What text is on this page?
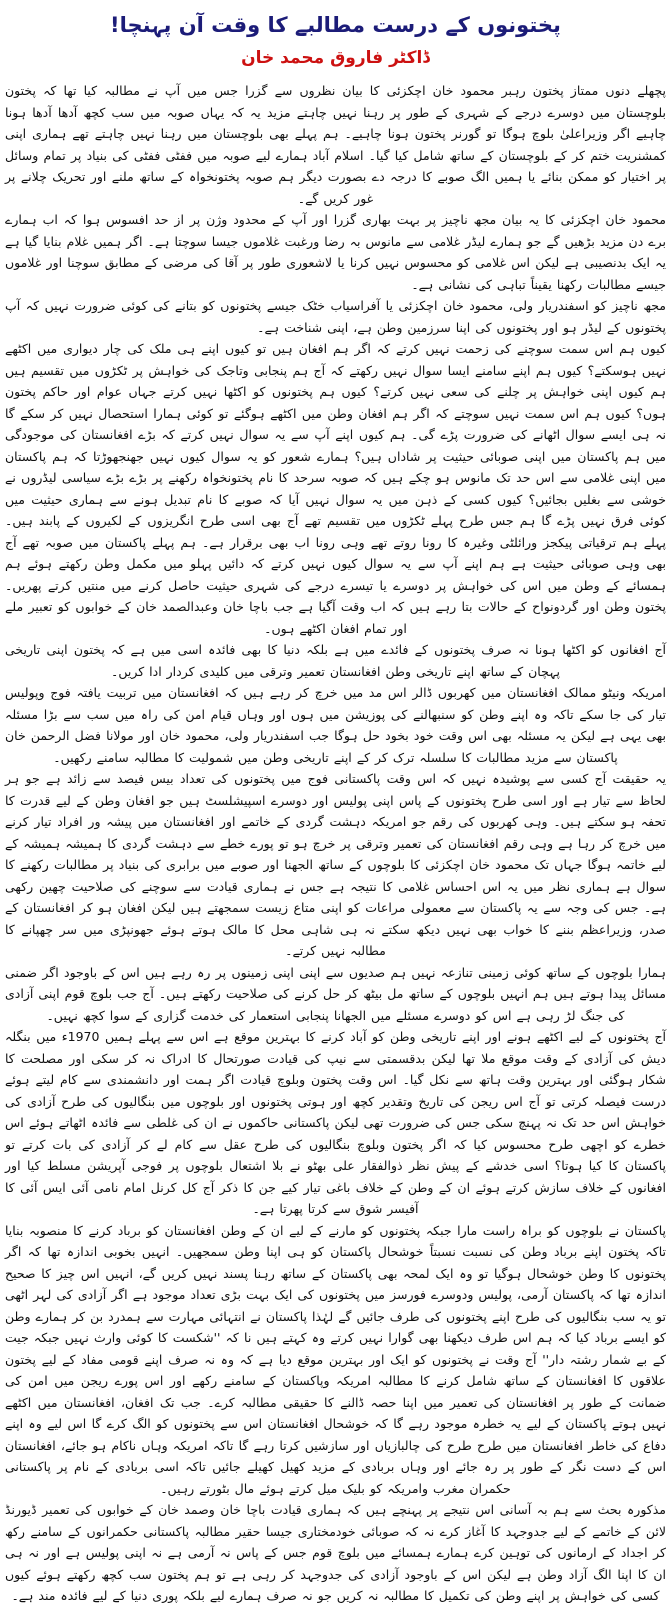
پختونوں کے درست مطالبے کا وقت آن پہنچا!
ڈاکٹر فاروق محمد خان

پچھلے دنوں ممتاز پختون رہبر محمود خان اچکزئی کا بیان نظروں سے گزرا جس میں آپ نے مطالبہ کیا تھا کہ پختون بلوچستان میں دوسرے درجے کے شہری کے طور پر رہنا نہیں چاہتے مزید یہ کہ یہاں صوبہ میں سب کچھ آدھا آدھا ہونا چاہیے اگر وزیراعلیٰ بلوچ ہوگا تو گورنر پختون ہونا چاہیے۔ ہم پہلے بھی بلوچستان میں رہنا نہیں چاہتے تھے ہماری اپنی کمشنریت ختم کر کے بلوچستان کے ساتھ شامل کیا گیا۔ اسلام آباد ہمارے لیے صوبہ میں ففٹی ففٹی کی بنیاد پر تمام وسائل پر اختیار کو ممکن بنائے یا ہمیں الگ صوبے کا درجہ دے بصورت دیگر ہم صوبہ پختونخواہ کے ساتھ ملنے اور تحریک چلانے پر غور کریں گے۔

محمود خان اچکزئی کا یہ بیان مجھ ناچیز پر بہت بھاری گزرا اور آپ کے محدود وژن پر از حد افسوس ہوا کہ اب ہمارے برے دن مزید بڑھیں گے جو ہمارے لیڈر غلامی سے مانوس بہ رضا ورغبت غلاموں جیسا سوچتا ہے۔ اگر ہمیں غلام بنایا گیا ہے یہ ایک بدنصیبی ہے لیکن اس غلامی کو محسوس نہیں کرنا یا لاشعوری طور پر آقا کی مرضی کے مطابق سوچنا اور غلاموں جیسے مطالبات رکھنا یقیناً تباہی کی نشانی ہے۔

مجھ ناچیز کو اسفندریار ولی، محمود خان اچکزئی یا آفراسیاب خٹک جیسے پختونوں کو بتانے کی کوئی ضرورت نہیں کہ آپ پختونوں کے لیڈر ہو اور پختونوں کی اپنا سرزمین وطن ہے، اپنی شناخت ہے۔

کیوں ہم اس سمت سوچنے کی زحمت نہیں کرتے کہ اگر ہم افغان ہیں تو کیوں اپنے ہی ملک کی چار دیواری میں اکٹھے نہیں ہوسکتے؟ کیوں ہم اپنے سامنے ایسا سوال نہیں رکھتے کہ آج ہم پنجابی وتاجک کی خواہش پر ٹکڑوں میں تقسیم ہیں ہم کیوں اپنی خواہش پر چلنے کی سعی نہیں کرتے؟ کیوں ہم پختونوں کو اکٹھا نہیں کرتے جہاں عوام اور حاکم پختون ہوں؟ کیوں ہم اس سمت نہیں سوچتے کہ اگر ہم افغان وطن میں اکٹھے ہوگئے تو کوئی ہمارا استحصال نہیں کر سکے گا نہ ہی ایسے سوال اٹھانے کی ضرورت پڑے گی۔ ہم کیوں اپنے آپ سے یہ سوال نہیں کرتے کہ بڑے افغانستان کی موجودگی میں ہم پاکستان میں اپنی صوبائی حیثیت پر شاداں ہیں؟ ہمارے شعور کو یہ سوال کیوں نہیں جھنجھوڑتا کہ ہم پاکستان میں اپنی غلامی سے اس حد تک مانوس ہو چکے ہیں کہ صوبہ سرحد کا نام پختونخواہ رکھنے پر بڑے بڑے سیاسی لیڈروں نے خوشی سے بغلیں بجائیں؟ کیوں کسی کے ذہن میں یہ سوال نہیں آیا کہ صوبے کا نام تبدیل ہونے سے ہماری حیثیت میں کوئی فرق نہیں پڑے گا ہم جس طرح پہلے ٹکڑوں میں تقسیم تھے آج بھی اسی طرح انگریزوں کے لکیروں کے پابند ہیں۔ پہلے ہم ترقیاتی پیکجز ورائلٹی وغیرہ کا رونا روتے تھے وہی رونا اب بھی برقرار ہے۔ ہم پہلے پاکستان میں صوبہ تھے آج بھی وہی صوبائی حیثیت ہے ہم اپنے آپ سے یہ سوال کیوں نہیں کرتے کہ دائیں پہلو میں مکمل وطن رکھتے ہوئے ہم ہمسائے کے وطن میں اس کی خواہش پر دوسرے یا تیسرے درجے کی شہری حیثیت حاصل کرنے میں منتیں کرتے پھریں۔ پختون وطن اور گردونواح کے حالات بتا رہے ہیں کہ اب وقت آگیا ہے جب باچا خان وعبدالصمد خان کے خوابوں کو تعبیر ملے اور تمام افغان اکٹھے ہوں۔

آج افغانوں کو اکٹھا ہونا نہ صرف پختونوں کے فائدے میں ہے بلکہ دنیا کا بھی فائدہ اسی میں ہے کہ پختون اپنی تاریخی پہچان کے ساتھ اپنے تاریخی وطن افغانستان تعمیر وترقی میں کلیدی کردار ادا کریں۔

امریکہ ونیٹو ممالک افغانستان میں کھربوں ڈالر اس مد میں خرچ کر رہے ہیں کہ افغانستان میں تربیت یافتہ فوج وپولیس تیار کی جا سکے تاکہ وہ اپنے وطن کو سنبھالنے کی پوزیشن میں ہوں اور وہاں قیام امن کی راہ میں سب سے بڑا مسئلہ بھی یہی ہے لیکن یہ مسئلہ بھی اس وقت خود بخود حل ہوگا جب اسفندریار ولی، محمود خان اور مولانا فضل الرحمن خان پاکستان سے مزید مطالبات کا سلسلہ ترک کر کے اپنے تاریخی وطن میں شمولیت کا مطالبہ سامنے رکھیں۔

یہ حقیقت آج کسی سے پوشیدہ نہیں کہ اس وقت پاکستانی فوج میں پختونوں کی تعداد بیس فیصد سے زائد ہے جو ہر لحاظ سے تیار ہے اور اسی طرح پختونوں کے پاس اپنی پولیس اور دوسرے اسپیشلسٹ ہیں جو افغان وطن کے لیے قدرت کا تحفہ ہو سکتے ہیں۔ وہی کھربوں کی رقم جو امریکہ دہشت گردی کے خاتمے اور افغانستان میں پیشہ ور افراد تیار کرنے میں خرچ کر رہا ہے وہی رقم افغانستان کی تعمیر وترقی پر خرچ ہو تو پورے خطے سے دہشت گردی کا ہمیشہ ہمیشہ کے لیے خاتمہ ہوگا جہاں تک محمود خان اچکزئی کا بلوچوں کے ساتھ الجھنا اور صوبے میں برابری کی بنیاد پر مطالبات رکھنے کا سوال ہے ہماری نظر میں یہ اس احساس غلامی کا نتیجہ ہے جس نے ہماری قیادت سے سوچنے کی صلاحیت چھین رکھی ہے۔ جس کی وجہ سے یہ پاکستان سے معمولی مراعات کو اپنی متاع زیست سمجھتے ہیں لیکن افغان ہو کر افغانستان کے صدر، وزیراعظم بننے کا خواب بھی نہیں دیکھ سکتے نہ ہی شاہی محل کا مالک ہوتے ہوئے جھونپڑی میں سر چھپانے کا مطالبہ نہیں کرتے۔

ہمارا بلوچوں کے ساتھ کوئی زمینی تنازعہ نہیں ہم صدیوں سے اپنی اپنی زمینوں پر رہ رہے ہیں اس کے باوجود اگر ضمنی مسائل پیدا ہوتے ہیں ہم انہیں بلوچوں کے ساتھ مل بیٹھ کر حل کرنے کی صلاحیت رکھتے ہیں۔ آج جب بلوچ قوم اپنی آزادی کی جنگ لڑ رہی ہے اس کو دوسرے مسئلے میں الجھانا پنجابی استعمار کی خدمت گزاری کے سوا کچھ نہیں۔

آج پختونوں کے لیے اکٹھے ہونے اور اپنے تاریخی وطن کو آباد کرنے کا بہترین موقع ہے اس سے پہلے ہمیں 1970ء میں بنگلہ دیش کی آزادی کے وقت موقع ملا تھا لیکن بدقسمتی سے نیپ کی قیادت صورتحال کا ادراک نہ کر سکی اور مصلحت کا شکار ہوگئی اور بہترین وقت ہاتھ سے نکل گیا۔ اس وقت پختون وبلوچ قیادت اگر ہمت اور دانشمندی سے کام لیتے ہوئے درست فیصلہ کرتی تو آج اس ریجن کی تاریخ وتقدیر کچھ اور ہوتی پختونوں اور بلوچوں میں بنگالیوں کی طرح آزادی کی خواہش اس حد تک نہ پہنچ سکی جس کی ضرورت تھی لیکن پاکستانی حاکموں نے ان کی غلطی سے فائدہ اٹھاتے ہوئے اس خطرے کو اچھی طرح محسوس کیا کہ اگر پختون وبلوچ بنگالیوں کی طرح عقل سے کام لے کر آزادی کی بات کرتے تو پاکستان کا کیا ہوتا؟ اسی خدشے کے پیش نظر ذوالفقار علی بھٹو نے بلا اشتعال بلوچوں پر فوجی آپریشن مسلط کیا اور افغانوں کے خلاف سازش کرتے ہوئے ان کے وطن کے خلاف باغی تیار کیے جن کا ذکر آج کل کرنل امام نامی آئی ایس آئی کا آفیسر شوق سے کرتا پھرتا ہے۔

پاکستان نے بلوچوں کو براہ راست مارا جبکہ پختونوں کو مارنے کے لیے ان کے وطن افغانستان کو برباد کرنے کا منصوبہ بنایا تاکہ پختون اپنے برباد وطن کی نسبت نسبتاً خوشحال پاکستان کو ہی اپنا وطن سمجھیں۔ انہیں بخوبی اندازہ تھا کہ اگر پختونوں کا وطن خوشحال ہوگیا تو وہ ایک لمحہ بھی پاکستان کے ساتھ رہنا پسند نہیں کریں گے، انہیں اس چیز کا صحیح اندازہ تھا کہ پاکستان آرمی، پولیس ودوسرے فورسز میں پختونوں کی ایک بہت بڑی تعداد موجود ہے اگر آزادی کی لہر اٹھی تو یہ سب بنگالیوں کی طرح اپنے پختونوں کی طرف جائیں گے لہٰذا پاکستان نے انتہائی مہارت سے ہمدرد بن کر ہمارے وطن کو ایسے برباد کیا کہ ہم اس طرف دیکھنا بھی گوارا نہیں کرتے وہ کہتے ہیں نا کہ ''شکست کا کوئی وارث نہیں جبکہ جیت کے بے شمار رشتہ دار'' آج وقت نے پختونوں کو ایک اور بہترین موقع دیا ہے کہ وہ نہ صرف اپنے قومی مفاد کے لیے پختون علاقوں کا افغانستان کے ساتھ شامل کرنے کا مطالبہ امریکہ وپاکستان کے سامنے رکھے اور اس پورے ریجن میں امن کی ضمانت کے طور پر افغانستان کی تعمیر میں اپنا حصہ ڈالنے کا حقیقی مطالبہ کرے۔ جب تک افغان، افغانستان میں اکٹھے نہیں ہوتے پاکستان کے لیے یہ خطرہ موجود رہے گا کہ خوشحال افغانستان اس سے پختونوں کو الگ کرے گا اس لیے وہ اپنے دفاع کی خاطر افغانستان میں طرح طرح کی چالبازیاں اور سازشیں کرتا رہے گا تاکہ امریکہ وہاں ناکام ہو جائے، افغانستان اس کے دست نگر کے طور پر رہ جائے اور وہاں بربادی کے مزید کھیل کھیلے جائیں تاکہ اسی بربادی کے نام پر پاکستانی حکمران مغرب وامریکہ کو بلیک میل کرتے ہوئے مال بٹورتے رہیں۔

مذکورہ بحث سے ہم بہ آسانی اس نتیجے پر پہنچے ہیں کہ ہماری قیادت باچا خان وصمد خان کے خوابوں کی تعمیر ڈیورنڈ لائن کے خاتمے کے لیے جدوجہد کا آغاز کرے نہ کہ صوبائی خودمختاری جیسا حقیر مطالبہ پاکستانی حکمرانوں کے سامنے رکھ کر اجداد کے ارمانوں کی توہین کرے ہمارے ہمسائے میں بلوچ قوم جس کے پاس نہ آرمی ہے نہ اپنی پولیس ہے اور نہ ہی ان کا اپنا الگ آزاد وطن ہے لیکن اس کے باوجود آزادی کی جدوجہد کر رہی ہے تو ہم پختون سب کچھ رکھتے ہوئے کیوں کسی کی خواہش پر اپنے وطن کی تکمیل کا مطالبہ نہ کریں جو نہ صرف ہمارے لیے بلکہ پوری دنیا کے لیے فائدہ مند ہے۔
